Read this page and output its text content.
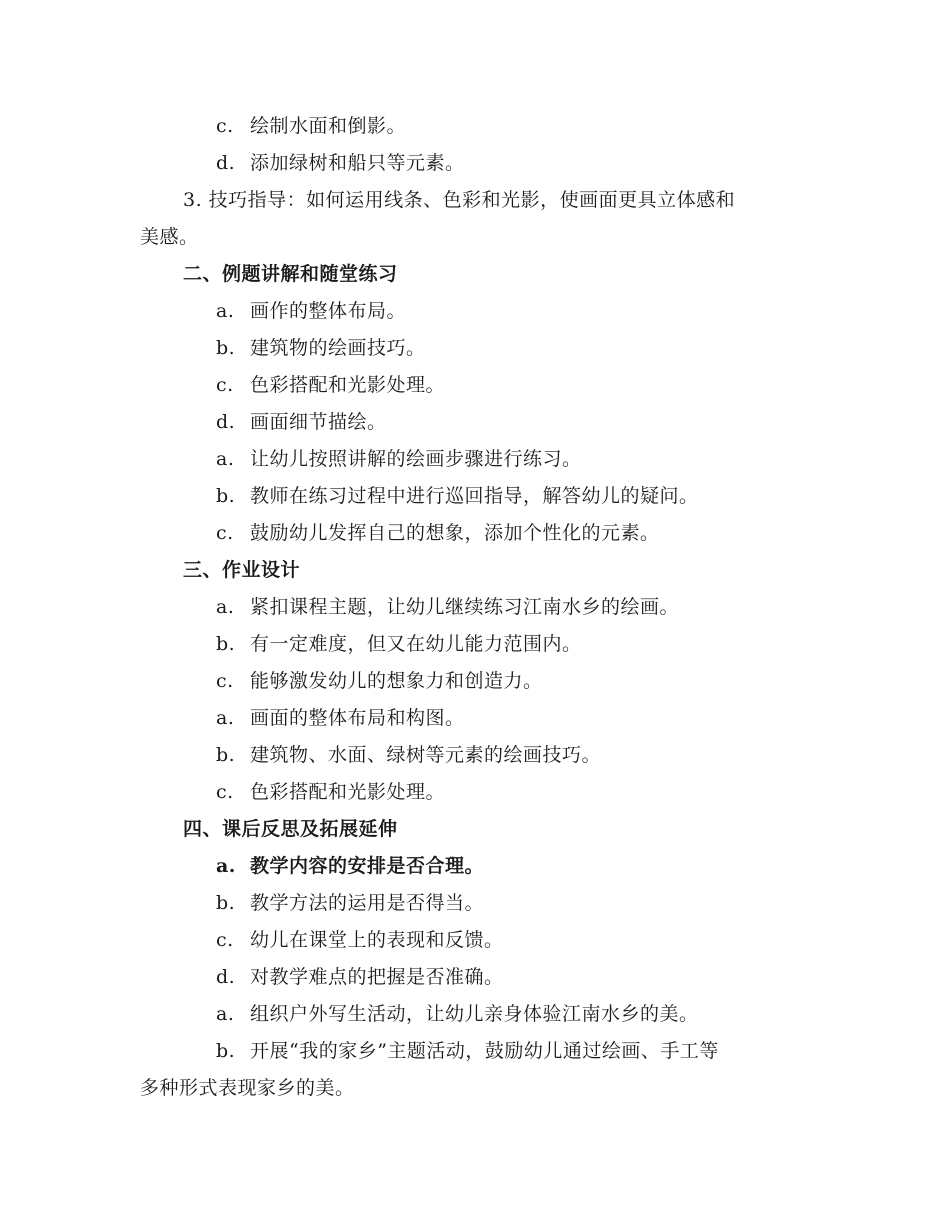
c. 绘制水面和倒影。
d. 添加绿树和船只等元素。
3. 技巧指导：如何运用线条、色彩和光影，使画面更具立体感和
美感。
二、例题讲解和随堂练习
a. 画作的整体布局。
b. 建筑物的绘画技巧。
c. 色彩搭配和光影处理。
d. 画面细节描绘。
a. 让幼儿按照讲解的绘画步骤进行练习。
b. 教师在练习过程中进行巡回指导，解答幼儿的疑问。
c. 鼓励幼儿发挥自己的想象，添加个性化的元素。
三、作业设计
a. 紧扣课程主题，让幼儿继续练习江南水乡的绘画。
b. 有一定难度，但又在幼儿能力范围内。
c. 能够激发幼儿的想象力和创造力。
a. 画面的整体布局和构图。
b. 建筑物、水面、绿树等元素的绘画技巧。
c. 色彩搭配和光影处理。
四、课后反思及拓展延伸
a. 教学内容的安排是否合理。
b. 教学方法的运用是否得当。
c. 幼儿在课堂上的表现和反馈。
d. 对教学难点的把握是否准确。
a. 组织户外写生活动，让幼儿亲身体验江南水乡的美。
b. 开展“我的家乡”主题活动，鼓励幼儿通过绘画、手工等
多种形式表现家乡的美。
